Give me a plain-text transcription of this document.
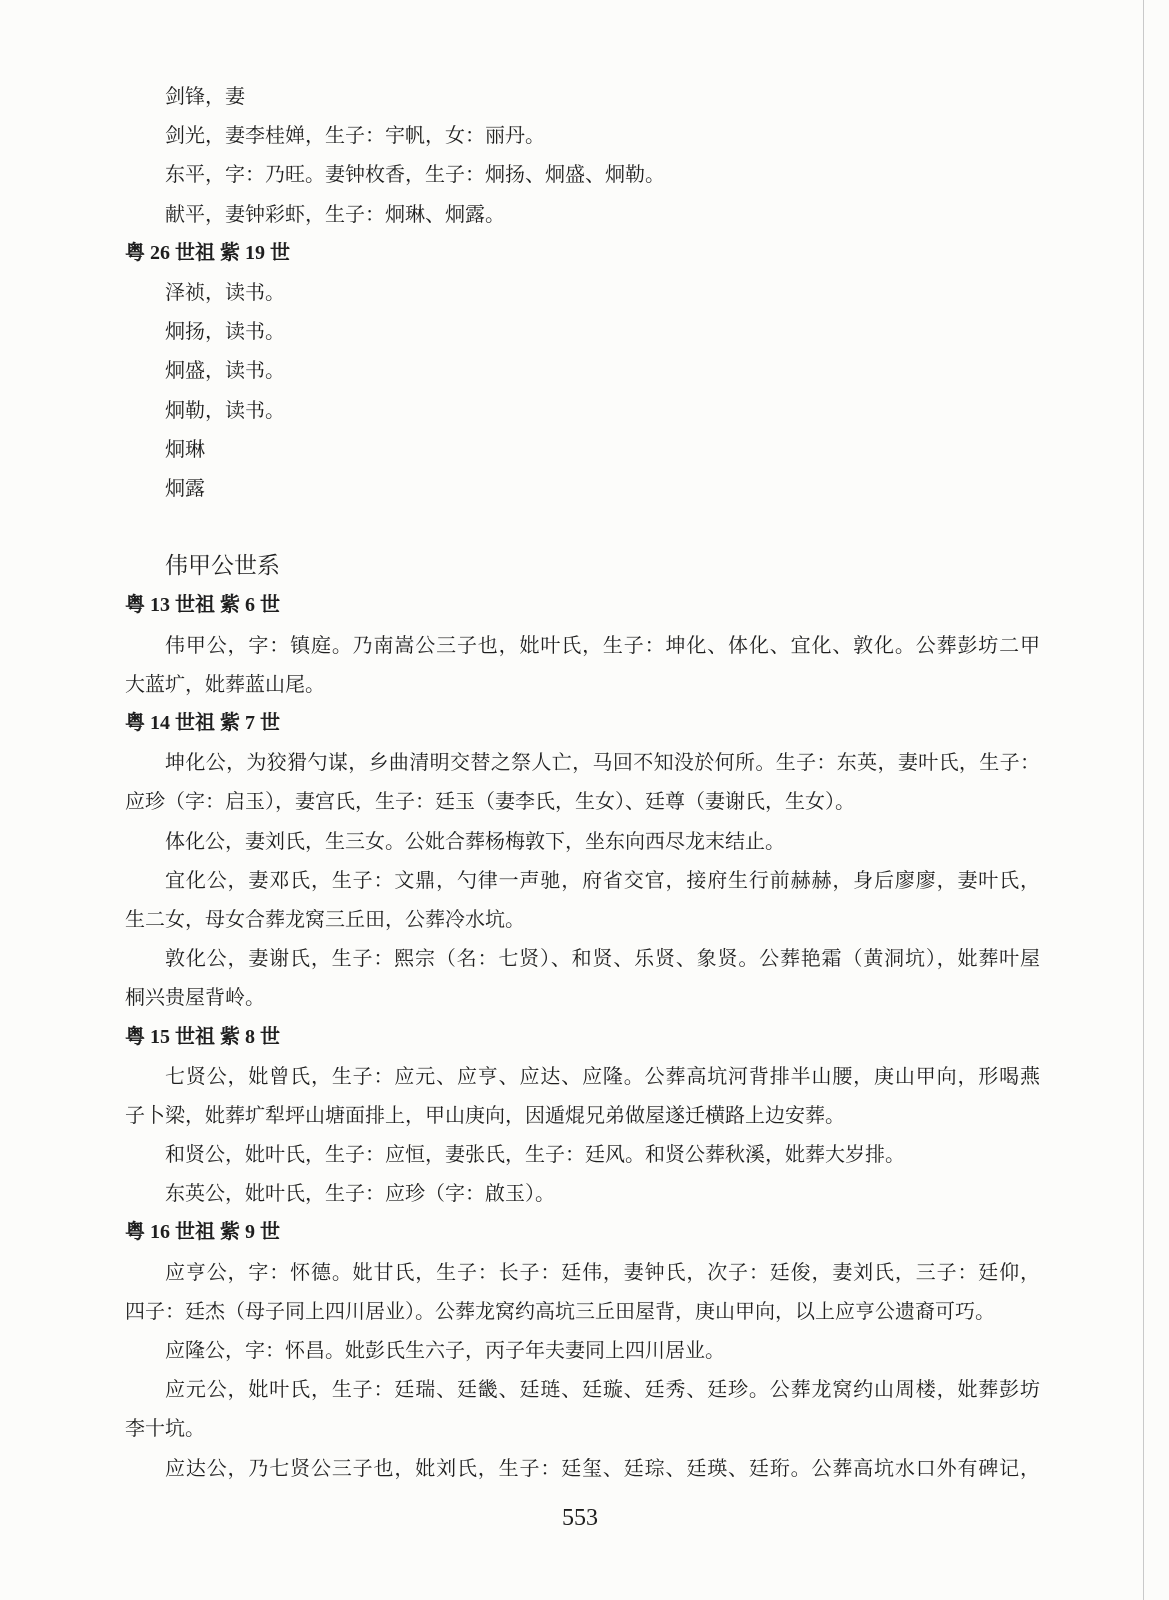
剑锋，妻
剑光，妻李桂婵，生子：宇帆，女：丽丹。
东平，字：乃旺。妻钟枚香，生子：炯扬、炯盛、炯勒。
献平，妻钟彩虾，生子：炯琳、炯露。
粤 26 世祖 紫 19 世
泽祯，读书。
炯扬，读书。
炯盛，读书。
炯勒，读书。
炯琳
炯露
伟甲公世系
粤 13 世祖 紫 6 世
伟甲公，字：镇庭。乃南嵩公三子也，妣叶氏，生子：坤化、体化、宜化、敦化。公葬彭坊二甲
大蓝圹，妣葬蓝山尾。
粤 14 世祖 紫 7 世
坤化公，为狡猾勺谋，乡曲清明交替之祭人亡，马回不知没於何所。生子：东英，妻叶氏，生子：
应珍（字：启玉），妻宫氏，生子：廷玉（妻李氏，生女）、廷尊（妻谢氏，生女）。
体化公，妻刘氏，生三女。公妣合葬杨梅敦下，坐东向西尽龙末结止。
宜化公，妻邓氏，生子：文鼎，勺律一声驰，府省交官，接府生行前赫赫，身后廖廖，妻叶氏，
生二女，母女合葬龙窝三丘田，公葬冷水坑。
敦化公，妻谢氏，生子：熙宗（名：七贤）、和贤、乐贤、象贤。公葬艳霜（黄洞坑），妣葬叶屋
桐兴贵屋背岭。
粤 15 世祖 紫 8 世
七贤公，妣曾氏，生子：应元、应亨、应达、应隆。公葬高坑河背排半山腰，庚山甲向，形喝燕
子卜梁，妣葬圹犁坪山塘面排上，甲山庚向，因遁焜兄弟做屋遂迁横路上边安葬。
和贤公，妣叶氏，生子：应恒，妻张氏，生子：廷风。和贤公葬秋溪，妣葬大岁排。
东英公，妣叶氏，生子：应珍（字：啟玉）。
粤 16 世祖 紫 9 世
应亨公，字：怀德。妣甘氏，生子：长子：廷伟，妻钟氏，次子：廷俊，妻刘氏，三子：廷仰，
四子：廷杰（母子同上四川居业）。公葬龙窝约高坑三丘田屋背，庚山甲向，以上应亨公遗裔可巧。
应隆公，字：怀昌。妣彭氏生六子，丙子年夫妻同上四川居业。
应元公，妣叶氏，生子：廷瑞、廷畿、廷琏、廷璇、廷秀、廷珍。公葬龙窝约山周楼，妣葬彭坊
李十坑。
应达公，乃七贤公三子也，妣刘氏，生子：廷玺、廷琮、廷瑛、廷珩。公葬高坑水口外有碑记，
553
